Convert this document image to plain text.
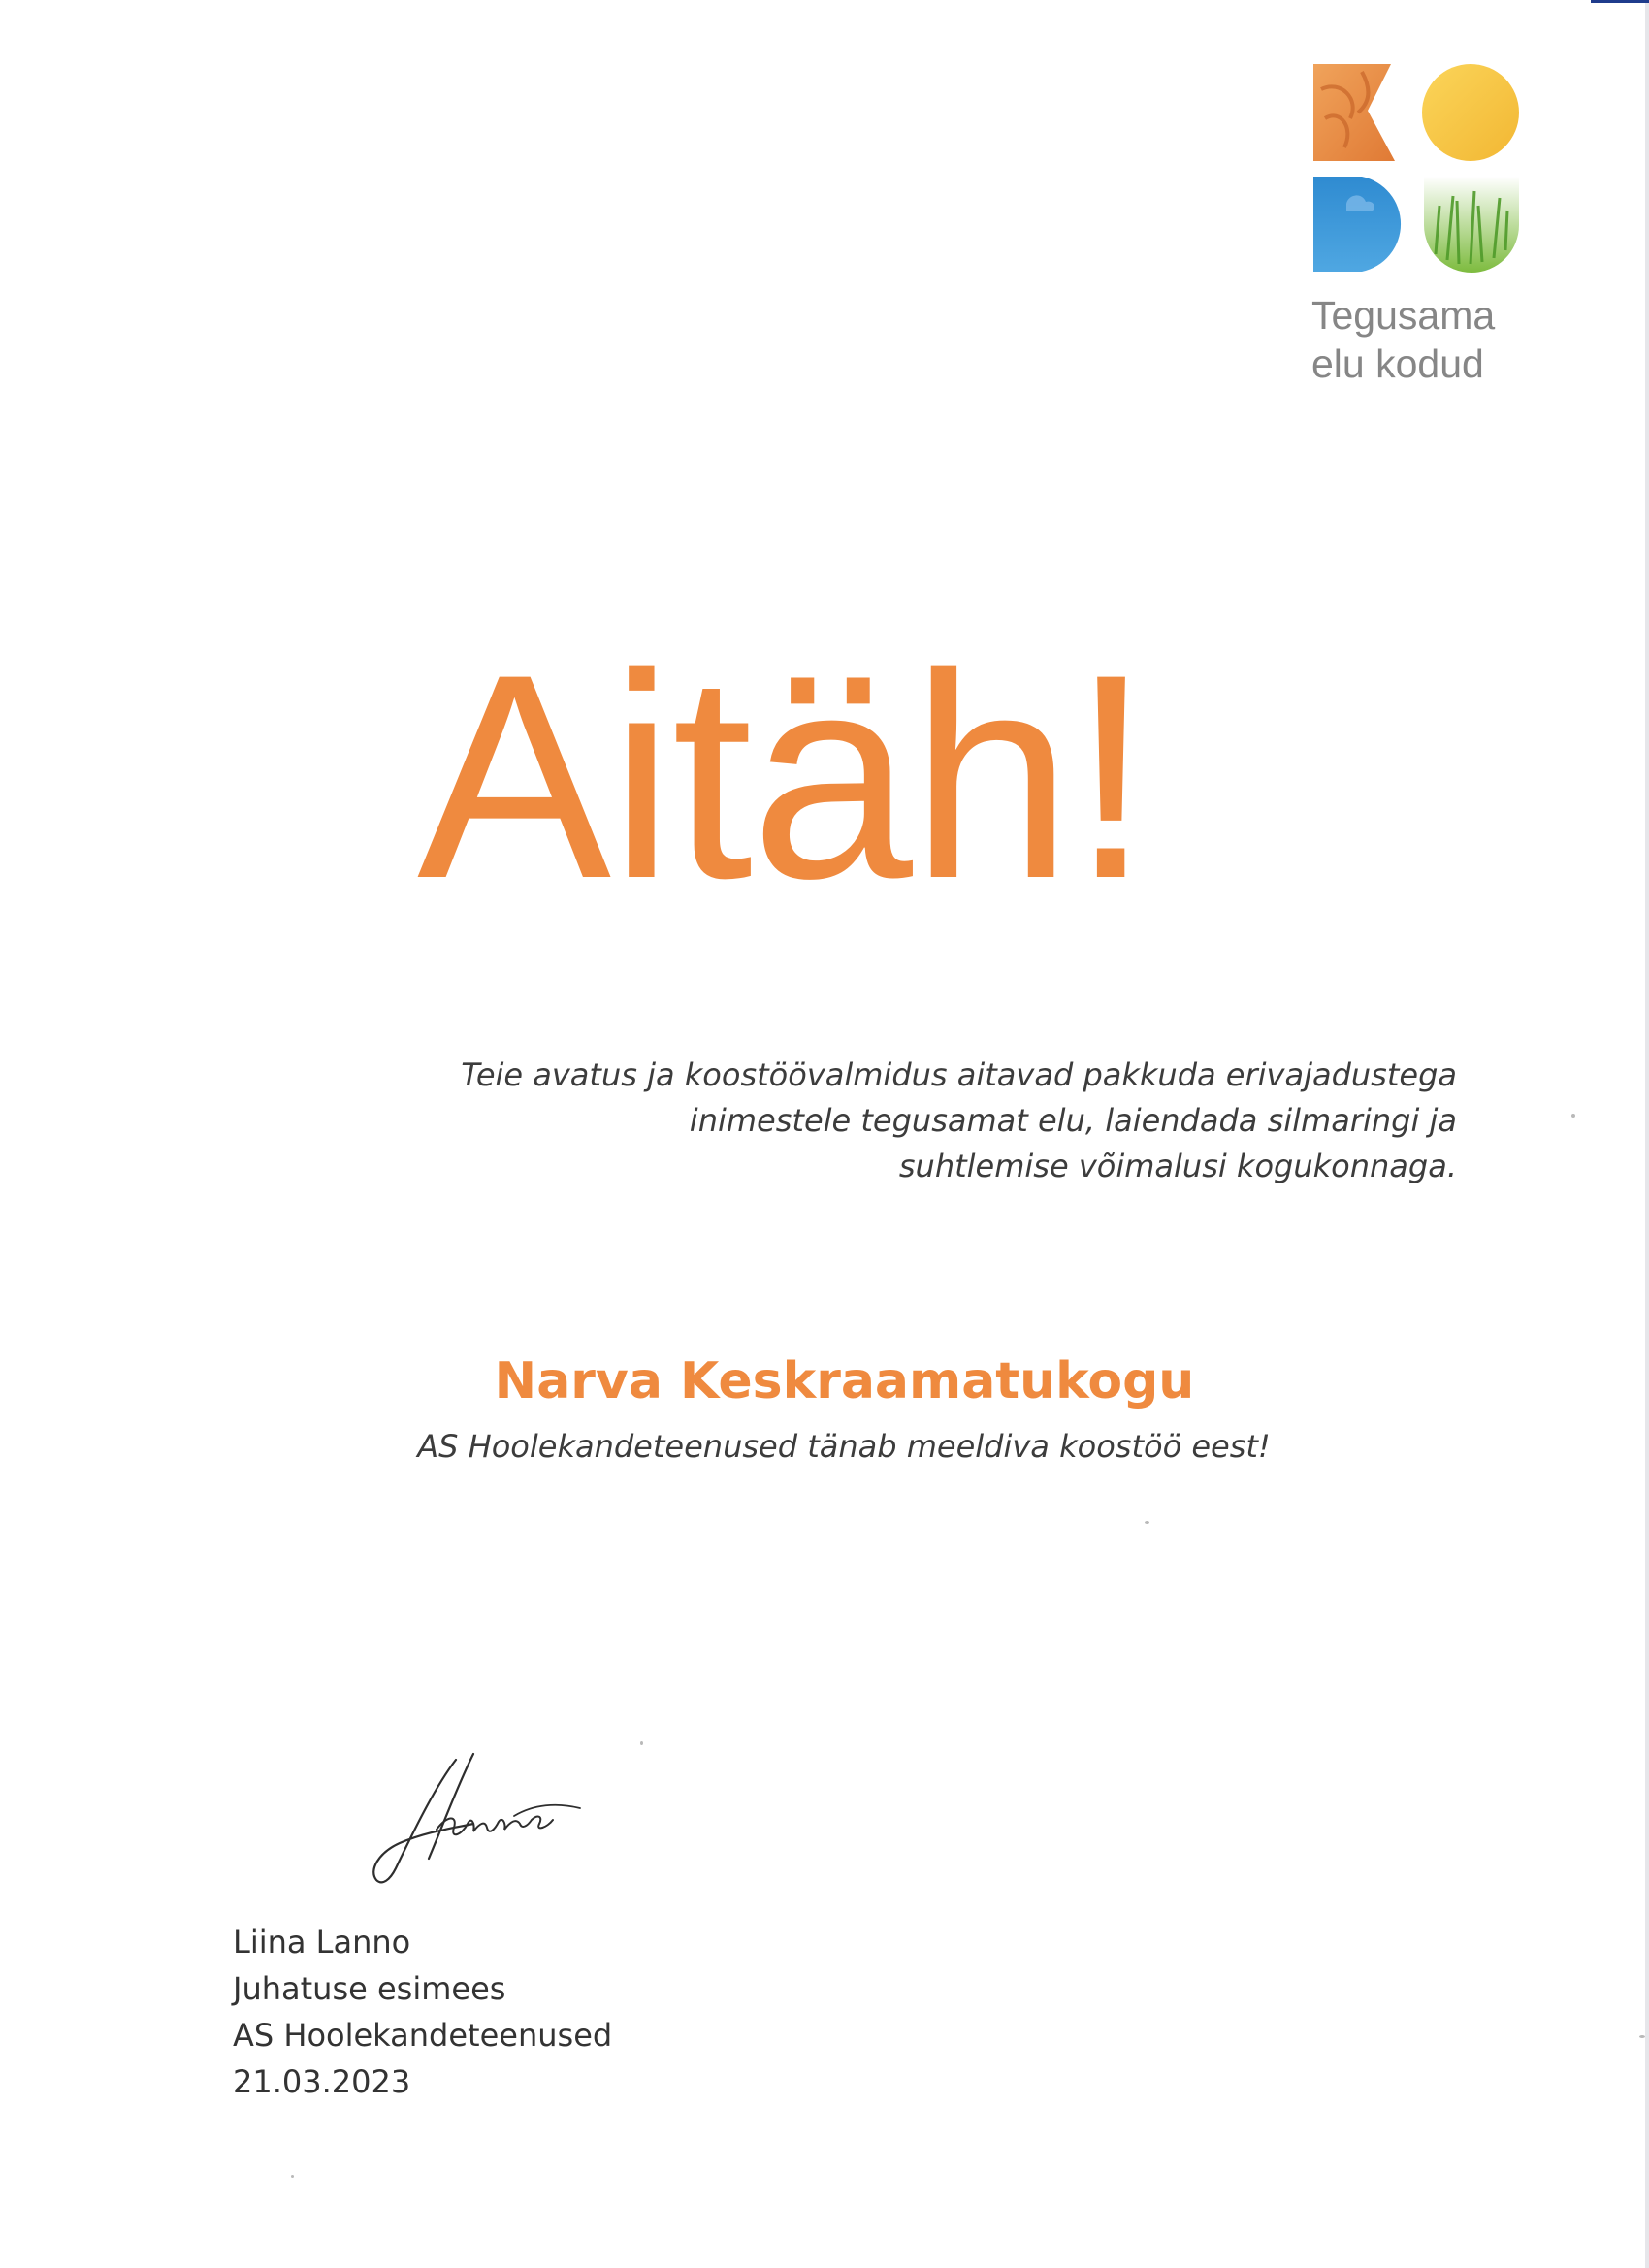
Tegusama
elu kodud
Aitäh!
Teie avatus ja koostöövalmidus aitavad pakkuda erivajadustega
inimestele tegusamat elu, laiendada silmaringi ja
suhtlemise võimalusi kogukonnaga.
Narva Keskraamatukogu
AS Hoolekandeteenused tänab meeldiva koostöö eest!
Liina Lanno
Juhatuse esimees
AS Hoolekandeteenused
21.03.2023
